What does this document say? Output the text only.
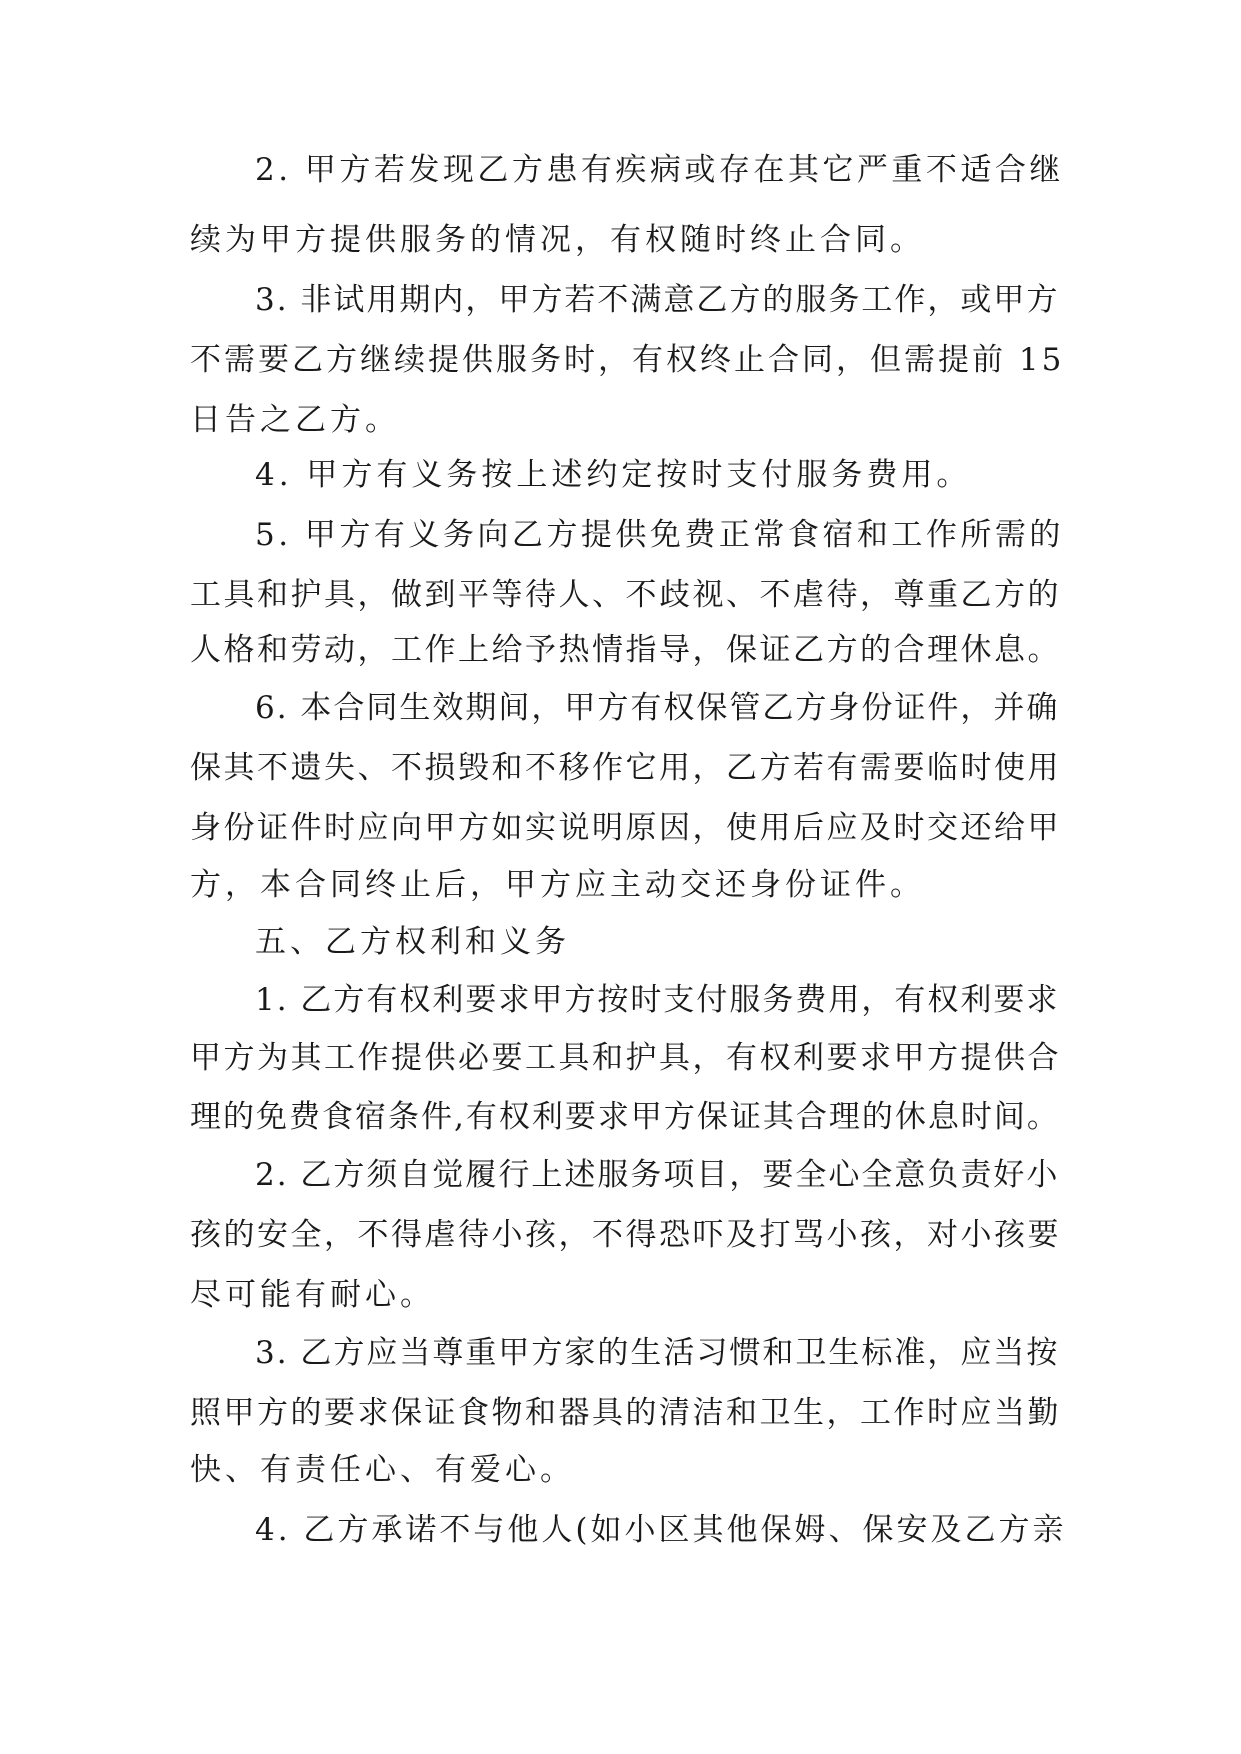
2. 甲方若发现乙方患有疾病或存在其它严重不适合继
续为甲方提供服务的情况，有权随时终止合同。
3. 非试用期内，甲方若不满意乙方的服务工作，或甲方
不需要乙方继续提供服务时，有权终止合同，但需提前 15
日告之乙方。
4. 甲方有义务按上述约定按时支付服务费用。
5. 甲方有义务向乙方提供免费正常食宿和工作所需的
工具和护具，做到平等待人、不歧视、不虐待，尊重乙方的
人格和劳动，工作上给予热情指导，保证乙方的合理休息。
6. 本合同生效期间，甲方有权保管乙方身份证件，并确
保其不遗失、不损毁和不移作它用，乙方若有需要临时使用
身份证件时应向甲方如实说明原因，使用后应及时交还给甲
方，本合同终止后，甲方应主动交还身份证件。
五、乙方权利和义务
1. 乙方有权利要求甲方按时支付服务费用，有权利要求
甲方为其工作提供必要工具和护具，有权利要求甲方提供合
理的免费食宿条件,有权利要求甲方保证其合理的休息时间。
2. 乙方须自觉履行上述服务项目，要全心全意负责好小
孩的安全，不得虐待小孩，不得恐吓及打骂小孩，对小孩要
尽可能有耐心。
3. 乙方应当尊重甲方家的生活习惯和卫生标准，应当按
照甲方的要求保证食物和器具的清洁和卫生，工作时应当勤
快、有责任心、有爱心。
4. 乙方承诺不与他人(如小区其他保姆、保安及乙方亲
